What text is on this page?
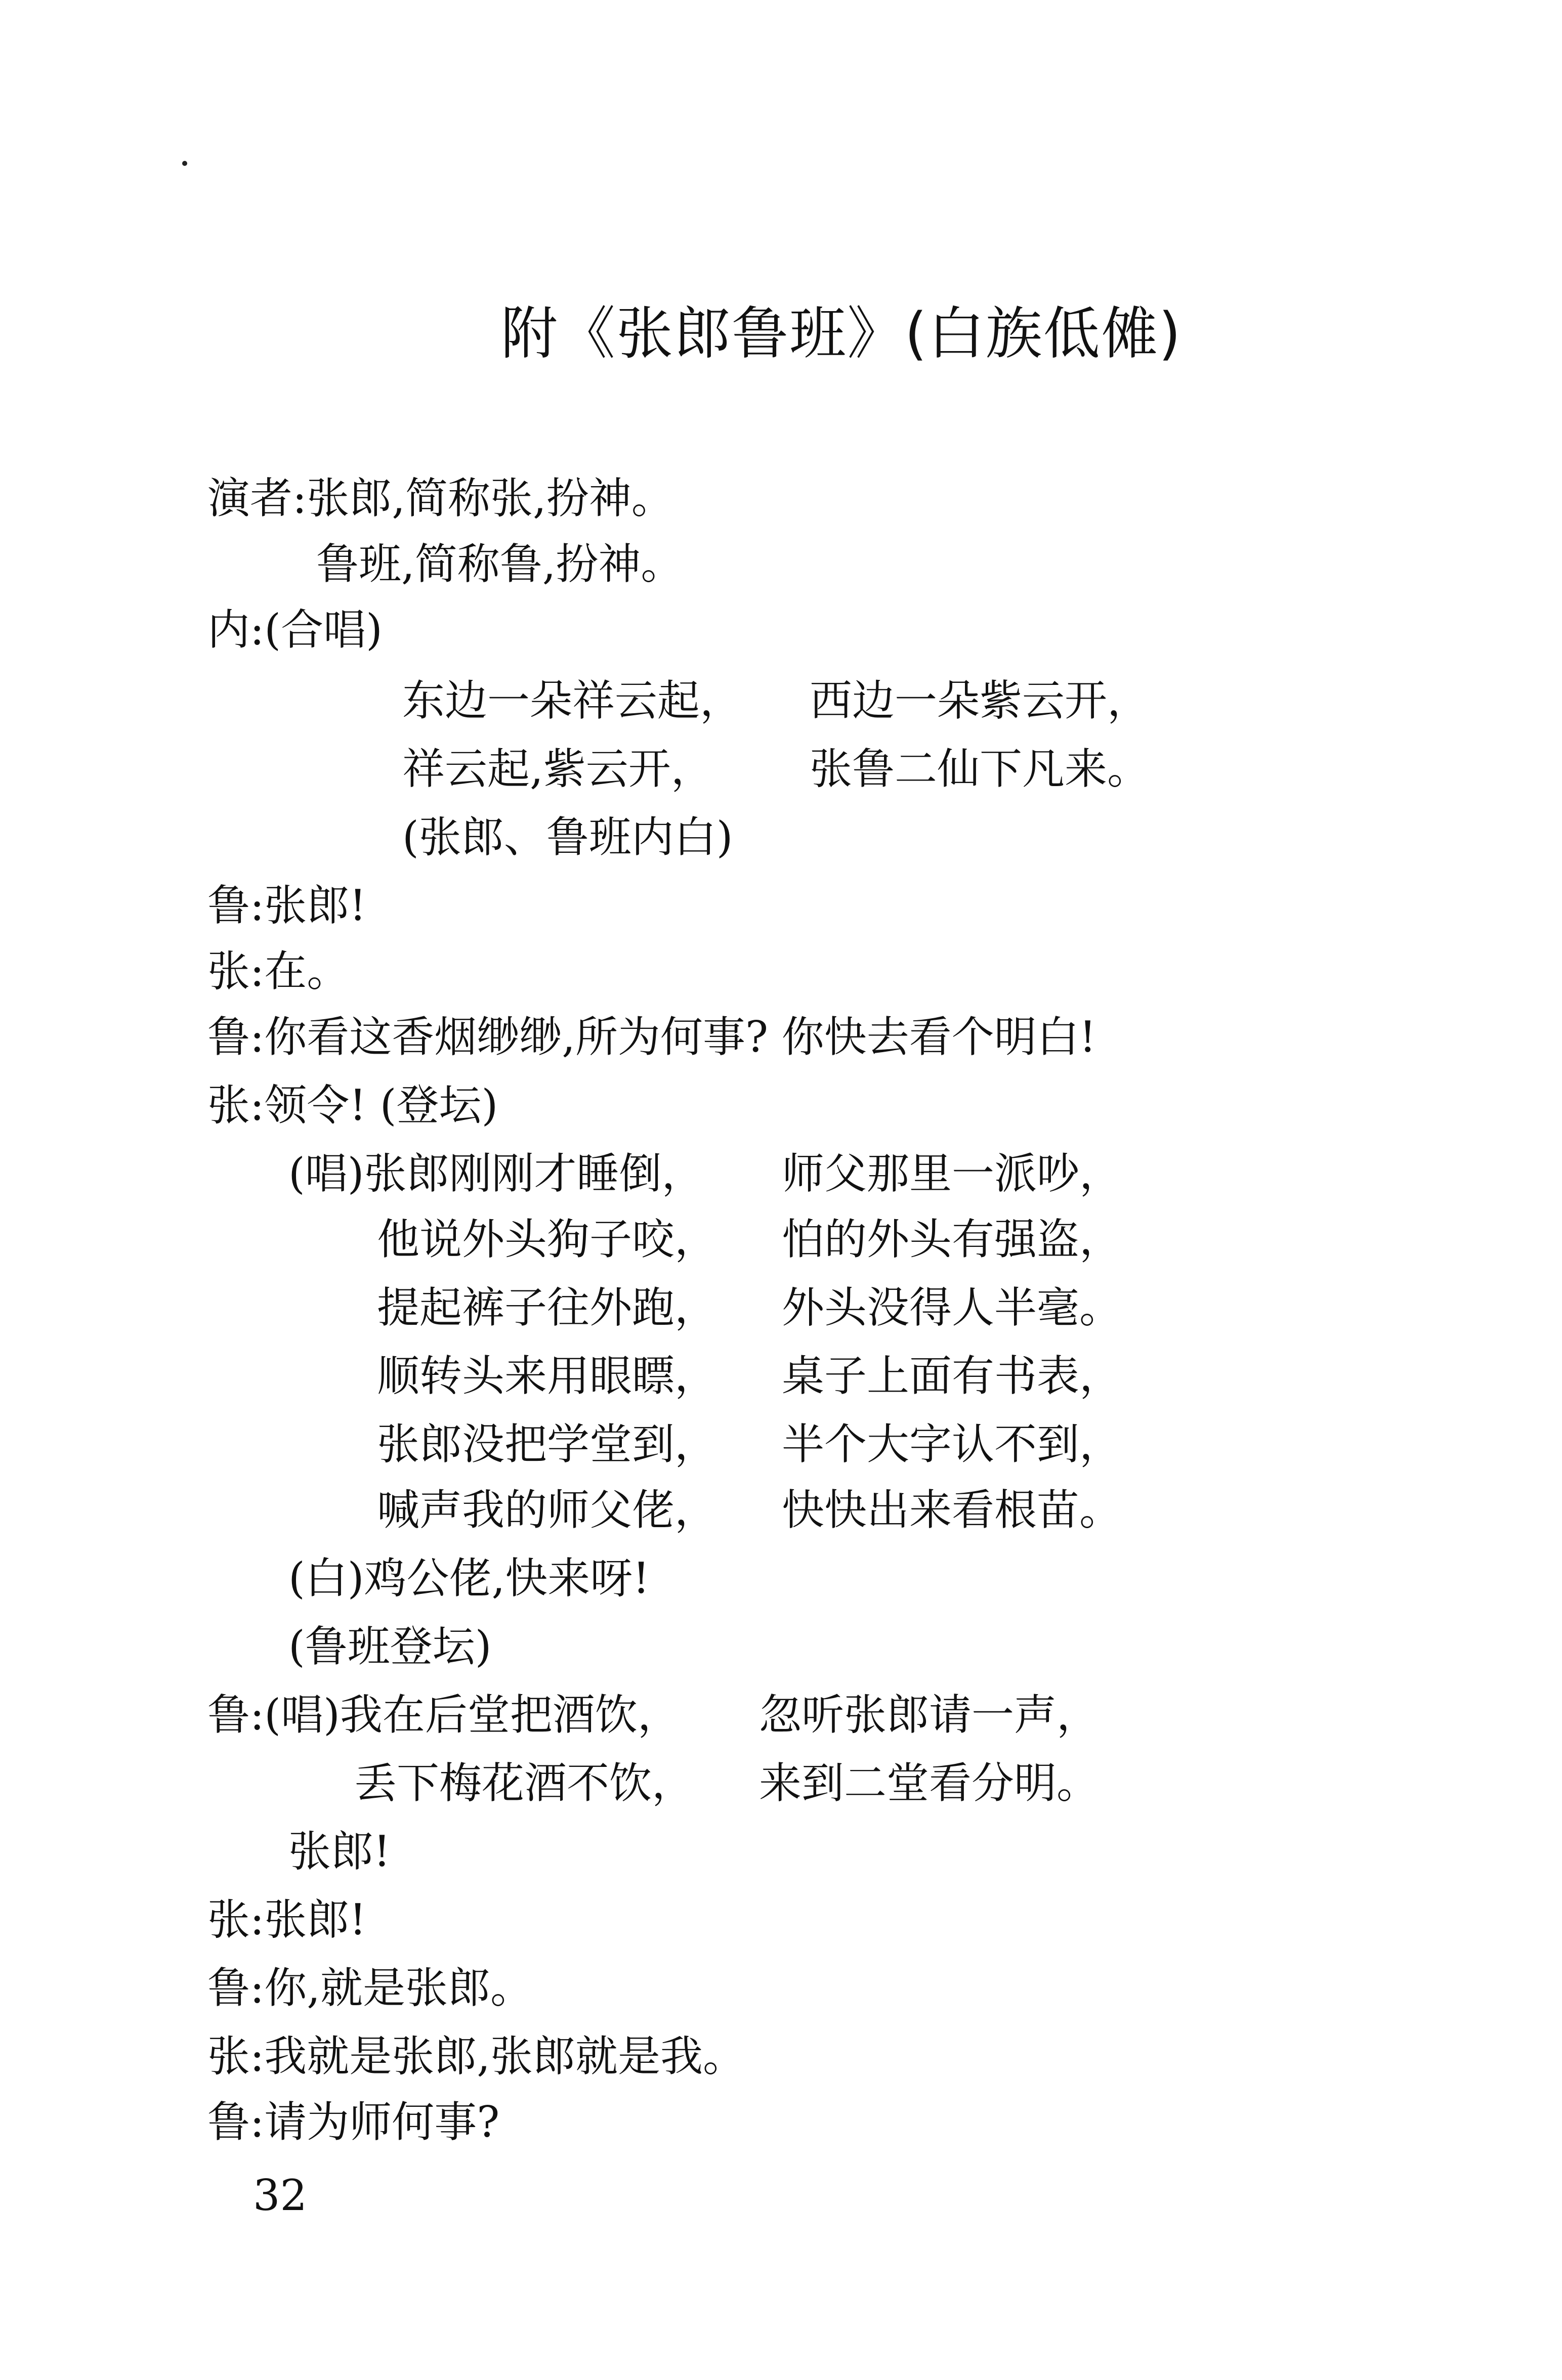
附《张郎鲁班》(白族低傩)
演者:张郎,简称张,扮神。
鲁班,简称鲁,扮神。
内:(合唱)
东边一朵祥云起， 西边一朵紫云开，
祥云起,紫云开， 张鲁二仙下凡来。
(张郎、鲁班内白)
鲁:张郎!
张:在。
鲁:你看这香烟缈缈,所为何事? 你快去看个明白!
张:领令! (登坛)
(唱)张郎刚刚才睡倒， 师父那里一派吵，
他说外头狗子咬， 怕的外头有强盗，
提起裤子往外跑， 外头没得人半毫。
顺转头来用眼瞟， 桌子上面有书表，
张郎没把学堂到， 半个大字认不到，
喊声我的师父佬， 快快出来看根苗。
(白)鸡公佬,快来呀!
(鲁班登坛)
鲁:(唱)我在后堂把酒饮， 忽听张郎请一声，
丢下梅花酒不饮， 来到二堂看分明。
张郎!
张:张郎!
鲁:你,就是张郎。
张:我就是张郎,张郎就是我。
鲁:请为师何事?
32
